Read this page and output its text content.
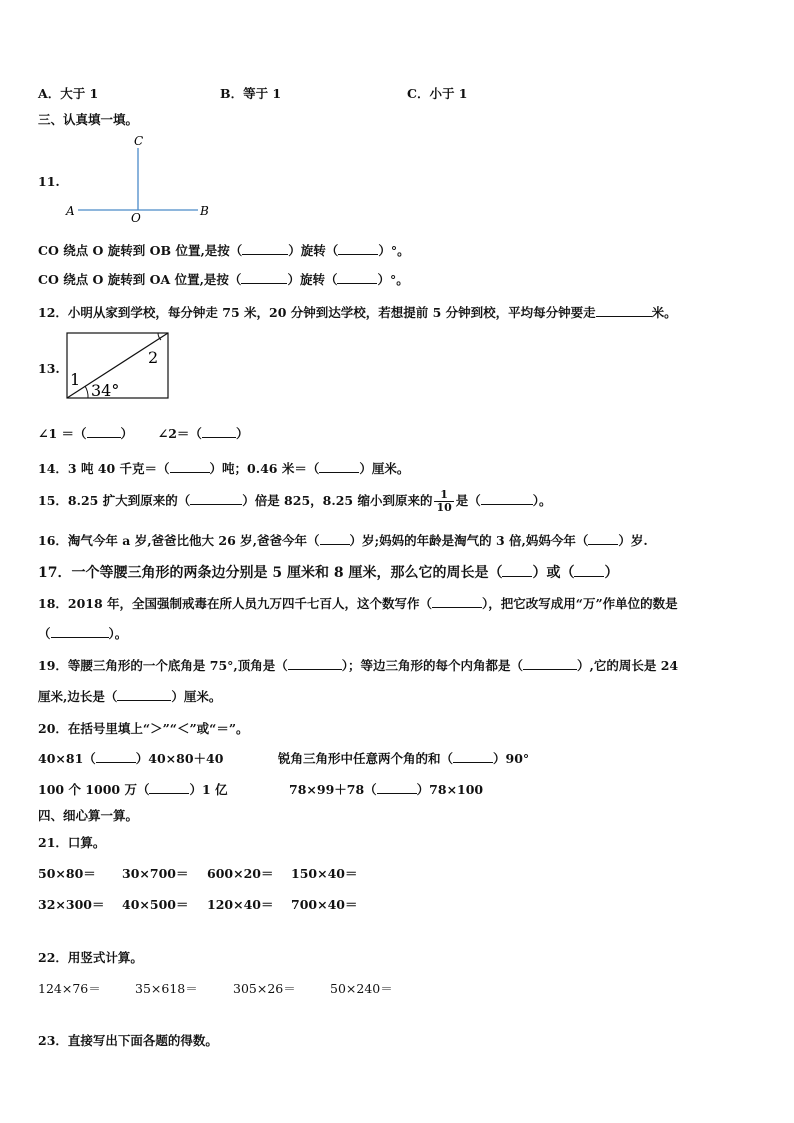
A．大于 1	B．等于 1	C．小于 1
三、认真填一填。
11.
C
A	O	B
CO 绕点 O 旋转到 OB 位置,是按（	）旋转（	）°。
CO 绕点 O 旋转到 OA 位置,是按（	）旋转（	）°。
12．小明从家到学校，每分钟走 75 米，20 分钟到达学校，若想提前 5 分钟到校，平均每分钟要走	米。
13.
1
2
34°
∠1 ＝（	） ∠2＝（	）
14．3 吨 40 千克＝（	）吨；0.46 米＝（	）厘米。
15．8.25 扩大到原来的（	）倍是 825，8.25 缩小到原来的 $\frac{1}{10}$ 是（	）。
16．淘气今年 a 岁,爸爸比他大 26 岁,爸爸今年（ ）岁;妈妈的年龄是淘气的 3 倍,妈妈今年（ ）岁.
17．一个等腰三角形的两条边分别是 5 厘米和 8 厘米，那么它的周长是（ ）或（ ）
18．2018 年，全国强制戒毒在所人员九万四千七百人，这个数写作（	），把它改写成用“万”作单位的数是
（	）。
19．等腰三角形的一个底角是 75°,顶角是（	）；等边三角形的每个内角都是（	）,它的周长是 24
厘米,边长是（	）厘米。
20．在括号里填上“＞”“＜”或“＝”。
40×81（	）40×80＋40	锐角三角形中任意两个角的和（	）90°
100 个 1000 万（	）1 亿	78×99＋78（	）78×100
四、细心算一算。
21．口算。
50×80＝ 30×700＝ 600×20＝ 150×40＝
32×300＝ 40×500＝ 120×40＝ 700×40＝
22．用竖式计算。
124×76＝	35×618＝	305×26＝	50×240＝
23．直接写出下面各题的得数。
